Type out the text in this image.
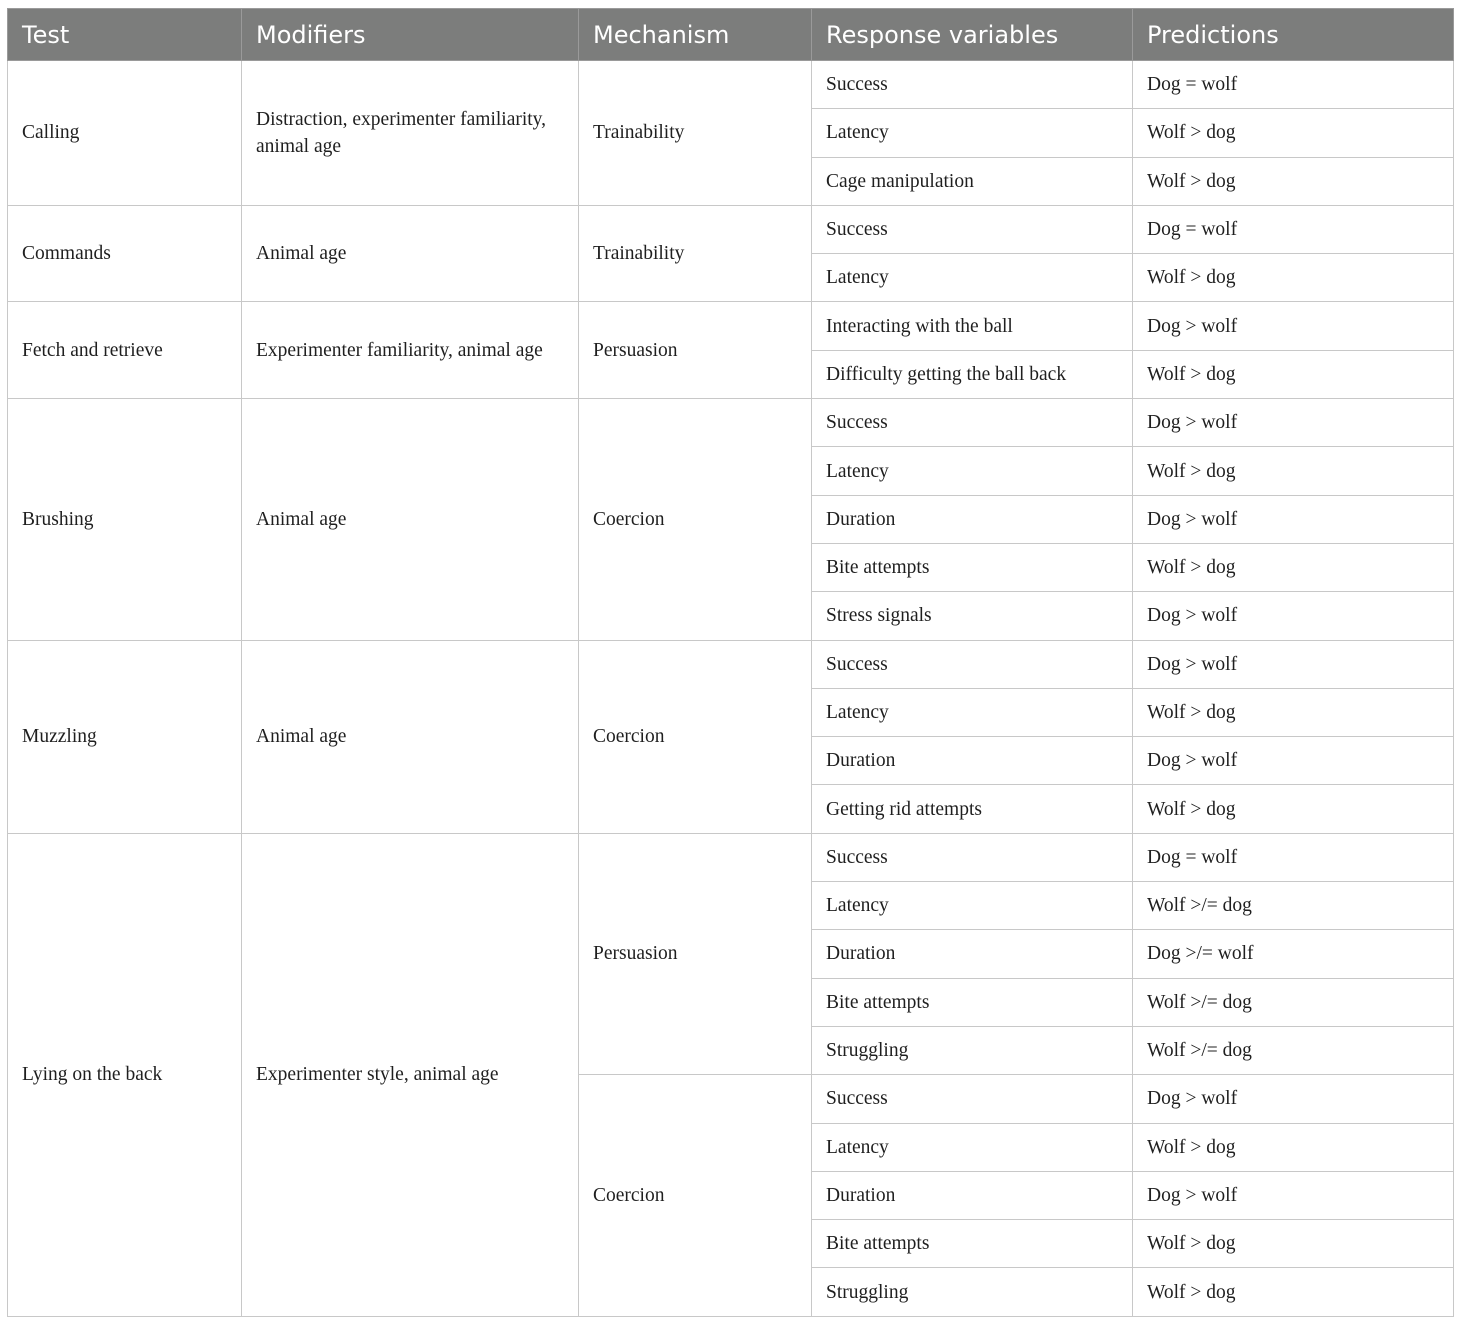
Test	Modifiers	Mechanism	Response variables	Predictions
Calling	Distraction, experimenter familiarity, animal age	Trainability	Success	Dog = wolf
			Latency	Wolf > dog
			Cage manipulation	Wolf > dog
Commands	Animal age	Trainability	Success	Dog = wolf
			Latency	Wolf > dog
Fetch and retrieve	Experimenter familiarity, animal age	Persuasion	Interacting with the ball	Dog > wolf
			Difficulty getting the ball back	Wolf > dog
Brushing	Animal age	Coercion	Success	Dog > wolf
			Latency	Wolf > dog
			Duration	Dog > wolf
			Bite attempts	Wolf > dog
			Stress signals	Dog > wolf
Muzzling	Animal age	Coercion	Success	Dog > wolf
			Latency	Wolf > dog
			Duration	Dog > wolf
			Getting rid attempts	Wolf > dog
Lying on the back	Experimenter style, animal age	Persuasion	Success	Dog = wolf
			Latency	Wolf >/= dog
			Duration	Dog >/= wolf
			Bite attempts	Wolf >/= dog
			Struggling	Wolf >/= dog
		Coercion	Success	Dog > wolf
			Latency	Wolf > dog
			Duration	Dog > wolf
			Bite attempts	Wolf > dog
			Struggling	Wolf > dog
